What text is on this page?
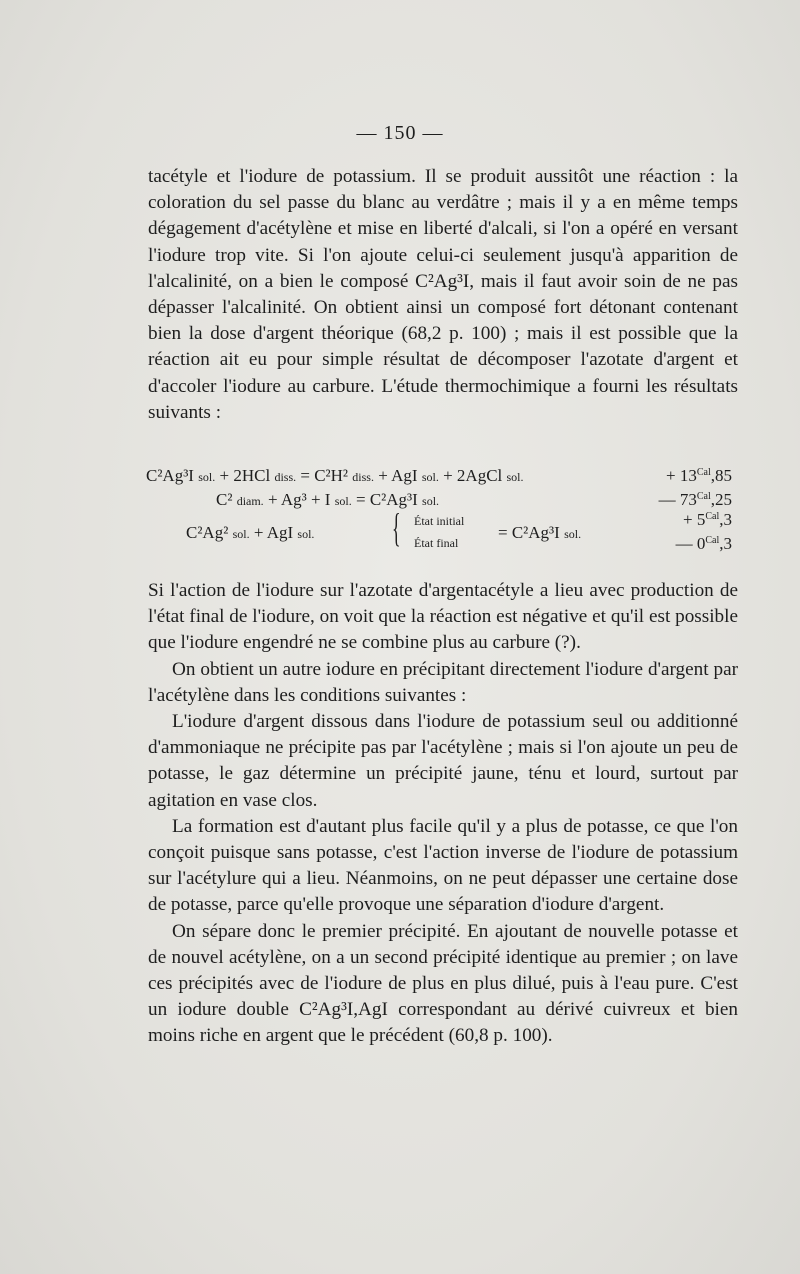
— 150 —

tacétyle et l'iodure de potassium. Il se produit aussitôt une réaction : la coloration du sel passe du blanc au verdâtre ; mais il y a en même temps dégagement d'acétylène et mise en liberté d'alcali, si l'on a opéré en versant l'iodure trop vite. Si l'on ajoute celui-ci seulement jusqu'à apparition de l'alcalinité, on a bien le composé C²Ag³I, mais il faut avoir soin de ne pas dépasser l'alcalinité. On obtient ainsi un composé fort détonant contenant bien la dose d'argent théorique (68,2 p. 100) ; mais il est possible que la réaction ait eu pour simple résultat de décomposer l'azotate d'argent et d'accoler l'iodure au carbure. L'étude thermochimique a fourni les résultats suivants :

C²Ag³I sol. + 2HCl diss. = C²H² diss. + AgI sol. + 2AgCl sol.	+ $13^{Cal},85$
C² diam. + Ag³ + I sol. = C²Ag³I sol.	— $73^{Cal},25$
C²Ag² sol. + AgI sol. { État initial
État final
= C²Ag³I sol.
+ $5^{Cal},3$
— $0^{Cal},3$

Si l'action de l'iodure sur l'azotate d'argentacétyle a lieu avec production de l'état final de l'iodure, on voit que la réaction est négative et qu'il est possible que l'iodure engendré ne se combine plus au carbure (?).

On obtient un autre iodure en précipitant directement l'iodure d'argent par l'acétylène dans les conditions suivantes :

L'iodure d'argent dissous dans l'iodure de potassium seul ou additionné d'ammoniaque ne précipite pas par l'acétylène ; mais si l'on ajoute un peu de potasse, le gaz détermine un précipité jaune, ténu et lourd, surtout par agitation en vase clos.

La formation est d'autant plus facile qu'il y a plus de potasse, ce que l'on conçoit puisque sans potasse, c'est l'action inverse de l'iodure de potassium sur l'acétylure qui a lieu. Néanmoins, on ne peut dépasser une certaine dose de potasse, parce qu'elle provoque une séparation d'iodure d'argent.

On sépare donc le premier précipité. En ajoutant de nouvelle potasse et de nouvel acétylène, on a un second précipité identique au premier ; on lave ces précipités avec de l'iodure de plus en plus dilué, puis à l'eau pure. C'est un iodure double C²Ag³I,AgI correspondant au dérivé cuivreux et bien moins riche en argent que le précédent (60,8 p. 100).
